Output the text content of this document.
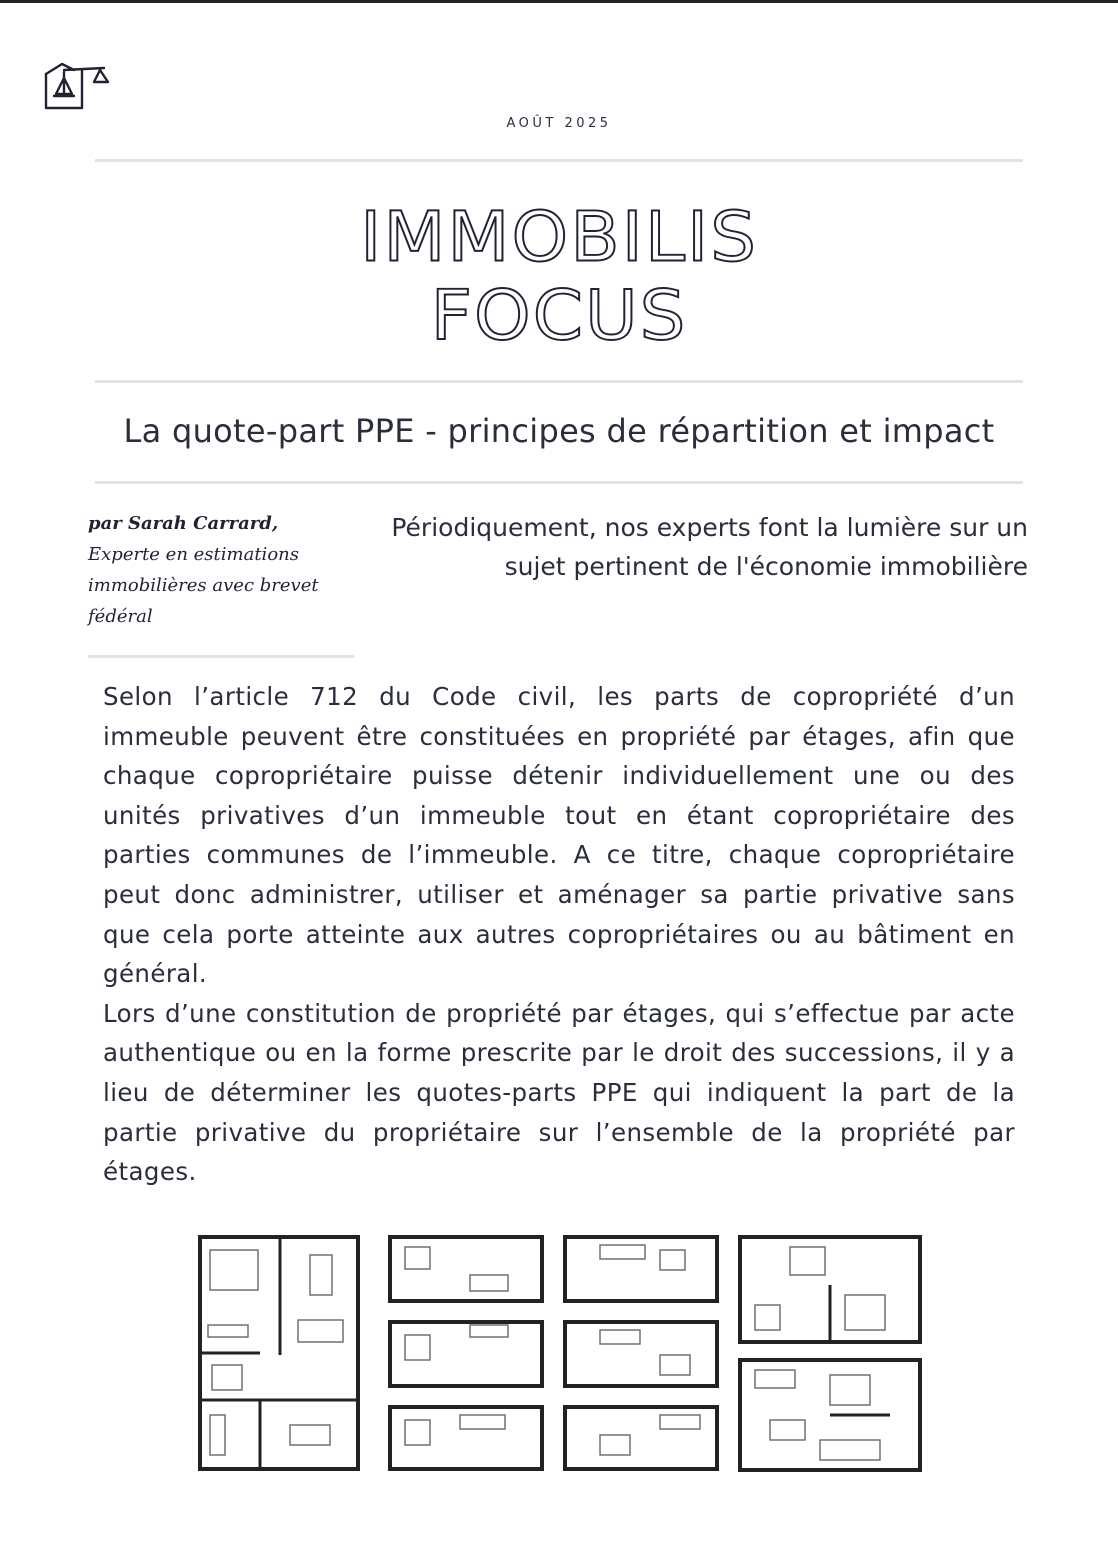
AOÛT 2025
IMMOBILIS
FOCUS
La quote-part PPE - principes de répartition et impact
par Sarah Carrard,
Experte en estimations immobilières avec brevet fédéral
Périodiquement, nos experts font la lumière sur un sujet pertinent de l'économie immobilière

Selon l’article 712 du Code civil, les parts de copropriété d’un immeuble peuvent être constituées en propriété par étages, afin que chaque copropriétaire puisse détenir individuellement une ou des unités privatives d’un immeuble tout en étant copropriétaire des parties communes de l’immeuble. A ce titre, chaque copropriétaire peut donc administrer, utiliser et aménager sa partie privative sans que cela porte atteinte aux autres copropriétaires ou au bâtiment en général.

Lors d’une constitution de propriété par étages, qui s’effectue par acte authentique ou en la forme prescrite par le droit des successions, il y a lieu de déterminer les quotes-parts PPE qui indiquent la part de la partie privative du propriétaire sur l’ensemble de la propriété par étages.
